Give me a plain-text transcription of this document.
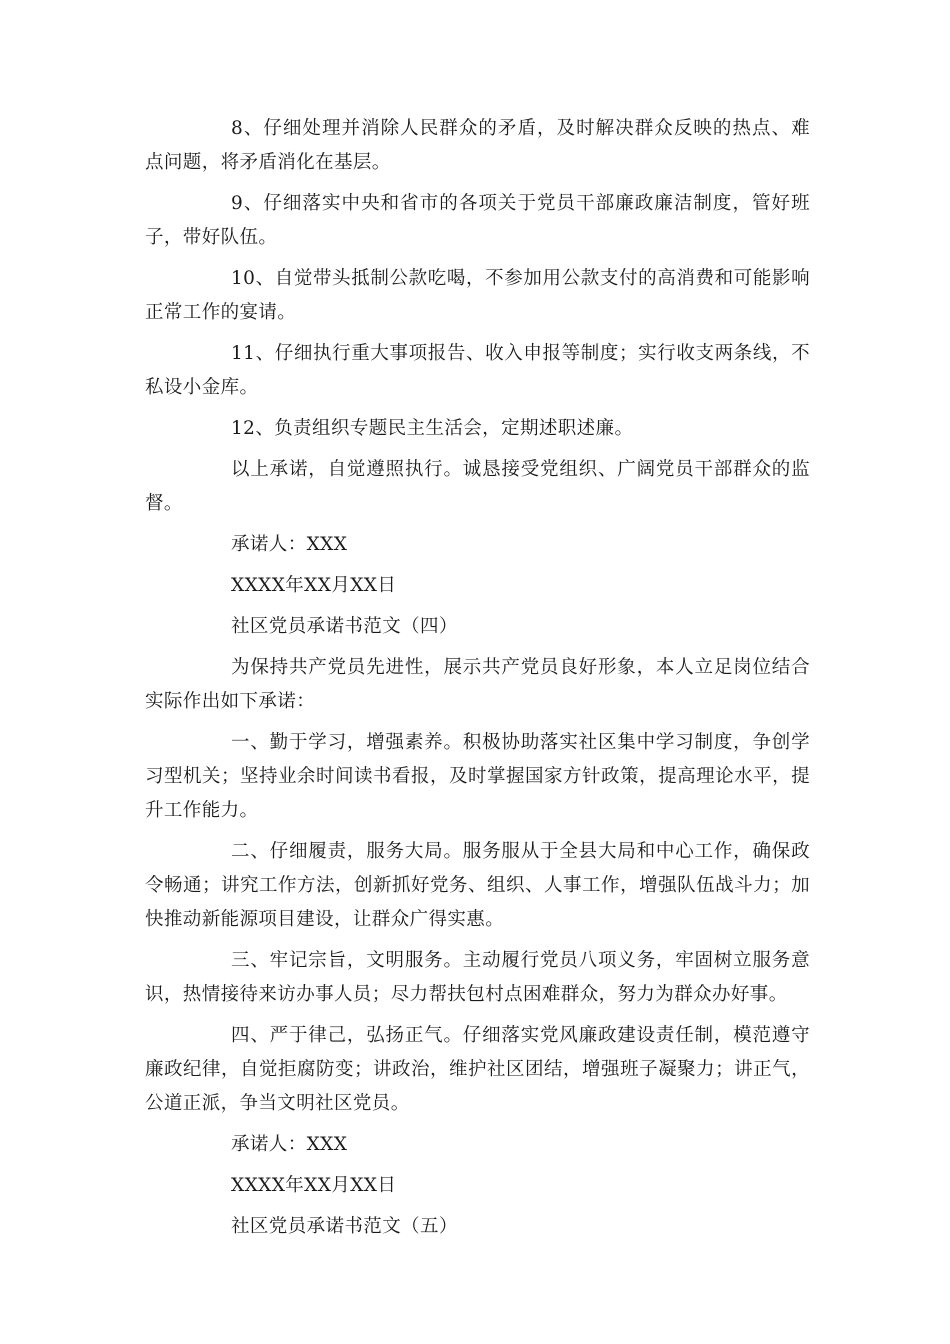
8、仔细处理并消除人民群众的矛盾，及时解决群众反映的热点、难点问题，将矛盾消化在基层。

9、仔细落实中央和省市的各项关于党员干部廉政廉洁制度，管好班子，带好队伍。

10、自觉带头抵制公款吃喝，不参加用公款支付的高消费和可能影响正常工作的宴请。

11、仔细执行重大事项报告、收入申报等制度；实行收支两条线，不私设小金库。

12、负责组织专题民主生活会，定期述职述廉。

以上承诺，自觉遵照执行。诚恳接受党组织、广阔党员干部群众的监督。

承诺人：XXX

XXXX年XX月XX日

社区党员承诺书范文（四）

为保持共产党员先进性，展示共产党员良好形象，本人立足岗位结合实际作出如下承诺：

一、勤于学习，增强素养。积极协助落实社区集中学习制度，争创学习型机关；坚持业余时间读书看报，及时掌握国家方针政策，提高理论水平，提升工作能力。

二、仔细履责，服务大局。服务服从于全县大局和中心工作，确保政令畅通；讲究工作方法，创新抓好党务、组织、人事工作，增强队伍战斗力；加快推动新能源项目建设，让群众广得实惠。

三、牢记宗旨，文明服务。主动履行党员八项义务，牢固树立服务意识，热情接待来访办事人员；尽力帮扶包村点困难群众，努力为群众办好事。

四、严于律己，弘扬正气。仔细落实党风廉政建设责任制，模范遵守廉政纪律，自觉拒腐防变；讲政治，维护社区团结，增强班子凝聚力；讲正气，公道正派，争当文明社区党员。

承诺人：XXX

XXXX年XX月XX日

社区党员承诺书范文（五）
